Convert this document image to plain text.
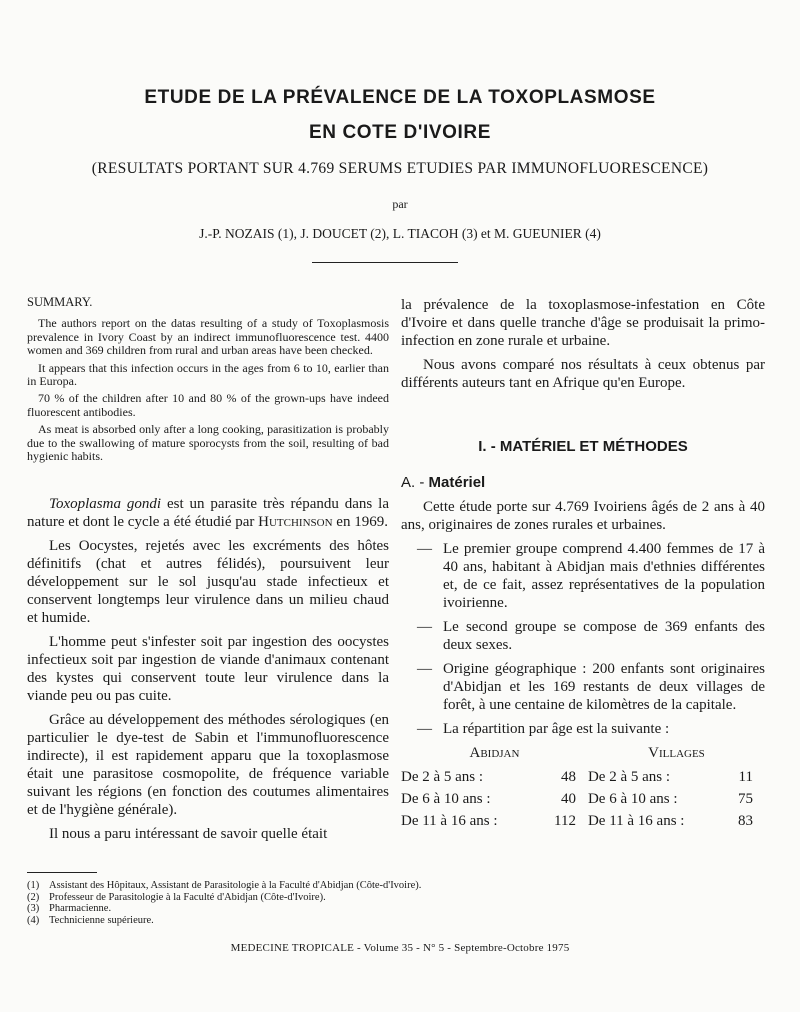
ETUDE DE LA PRÉVALENCE DE LA TOXOPLASMOSE
EN COTE D'IVOIRE
(RESULTATS PORTANT SUR 4.769 SERUMS ETUDIES PAR IMMUNOFLUORESCENCE)
par
J.-P. NOZAIS (1), J. DOUCET (2), L. TIACOH (3) et M. GUEUNIER (4)
SUMMARY.

The authors report on the datas resulting of a study of Toxoplasmosis prevalence in Ivory Coast by an indirect immunofluorescence test. 4400 women and 369 children from rural and urban areas have been checked.

It appears that this infection occurs in the ages from 6 to 10, earlier than in Europa.

70 % of the children after 10 and 80 % of the grown-ups have indeed fluorescent antibodies.

As meat is absorbed only after a long cooking, parasitization is probably due to the swallowing of mature sporocysts from the soil, resulting of bad hygienic habits.

Toxoplasma gondi est un parasite très répandu dans la nature et dont le cycle a été étudié par Hutchinson en 1969.

Les Oocystes, rejetés avec les excréments des hôtes définitifs (chat et autres félidés), poursuivent leur développement sur le sol jusqu'au stade infectieux et conservent longtemps leur virulence dans un milieu chaud et humide.

L'homme peut s'infester soit par ingestion des oocystes infectieux soit par ingestion de viande d'animaux contenant des kystes qui conservent toute leur virulence dans la viande peu ou pas cuite.

Grâce au développement des méthodes sérologiques (en particulier le dye-test de Sabin et l'immunofluorescence indirecte), il est rapidement apparu que la toxoplasmose était une parasitose cosmopolite, de fréquence variable suivant les régions (en fonction des coutumes alimentaires et de l'hygiène générale).

Il nous a paru intéressant de savoir quelle était

la prévalence de la toxoplasmose-infestation en Côte d'Ivoire et dans quelle tranche d'âge se produisait la primo-infection en zone rurale et urbaine.

Nous avons comparé nos résultats à ceux obtenus par différents auteurs tant en Afrique qu'en Europe.

I. - MATÉRIEL ET MÉTHODES
A. - Matériel

Cette étude porte sur 4.769 Ivoiriens âgés de 2 ans à 40 ans, originaires de zones rurales et urbaines.

— Le premier groupe comprend 4.400 femmes de 17 à 40 ans, habitant à Abidjan mais d'ethnies différentes et, de ce fait, assez représentatives de la population ivoirienne.
— Le second groupe se compose de 369 enfants des deux sexes.
— Origine géographique : 200 enfants sont originaires d'Abidjan et les 169 restants de deux villages de forêt, à une centaine de kilomètres de la capitale.
— La répartition par âge est la suivante :
Abidjan		Villages	
De 2 à 5 ans :	48	De 2 à 5 ans :	11
De 6 à 10 ans :	40	De 6 à 10 ans :	75
De 11 à 16 ans :	112	De 11 à 16 ans :	83
(1) Assistant des Hôpitaux, Assistant de Parasitologie à la Faculté d'Abidjan (Côte-d'Ivoire).
(2) Professeur de Parasitologie à la Faculté d'Abidjan (Côte-d'Ivoire).
(3) Pharmacienne.
(4) Technicienne supérieure.
MEDECINE TROPICALE - Volume 35 - N° 5 - Septembre-Octobre 1975
